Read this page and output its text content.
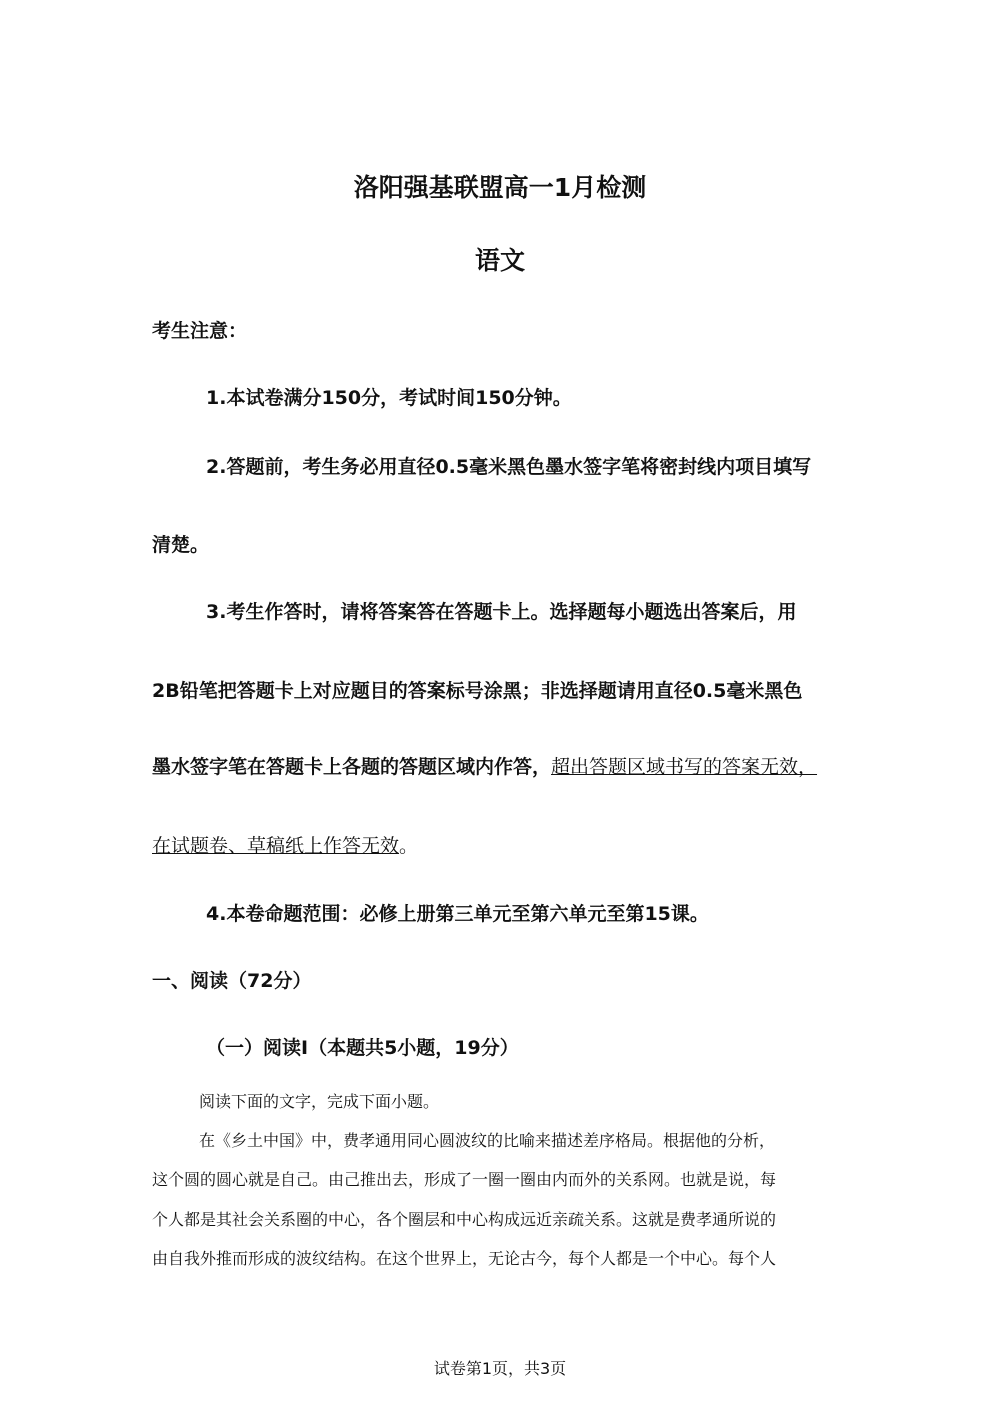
洛阳强基联盟高一1月检测
语文
考生注意：
1.本试卷满分150分，考试时间150分钟。
2.答题前，考生务必用直径0.5毫米黑色墨水签字笔将密封线内项目填写
清楚。
3.考生作答时，请将答案答在答题卡上。选择题每小题选出答案后，用
2B铅笔把答题卡上对应题目的答案标号涂黑；非选择题请用直径0.5毫米黑色
墨水签字笔在答题卡上各题的答题区域内作答，超出答题区域书写的答案无效，
在试题卷、草稿纸上作答无效。
4.本卷命题范围：必修上册第三单元至第六单元至第15课。
一、阅读（72分）
（一）阅读I（本题共5小题，19分）
阅读下面的文字，完成下面小题。
在《乡土中国》中，费孝通用同心圆波纹的比喻来描述差序格局。根据他的分析，
这个圆的圆心就是自己。由己推出去，形成了一圈一圈由内而外的关系网。也就是说，每
个人都是其社会关系圈的中心，各个圈层和中心构成远近亲疏关系。这就是费孝通所说的
由自我外推而形成的波纹结构。在这个世界上，无论古今，每个人都是一个中心。每个人
试卷第1页，共3页
